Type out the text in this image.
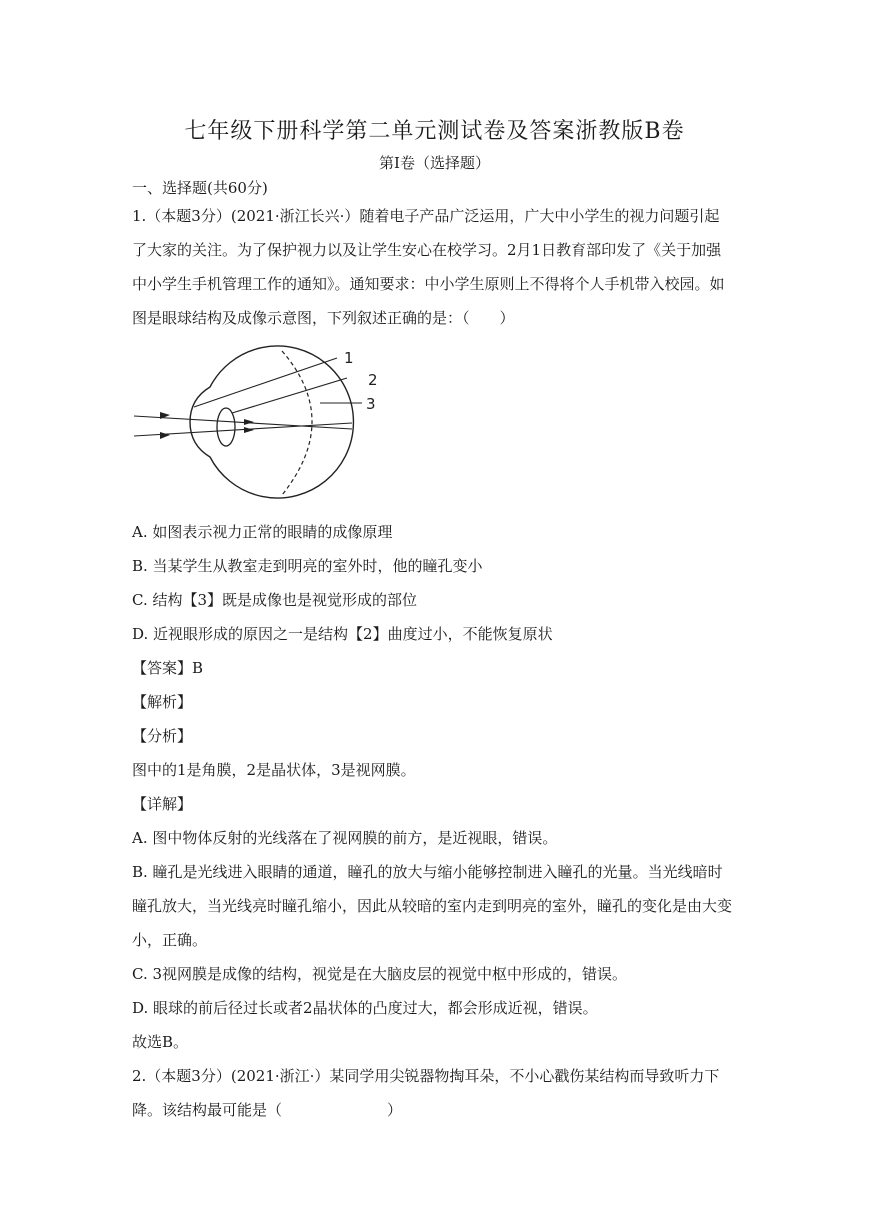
七年级下册科学第二单元测试卷及答案浙教版B卷
第Ⅰ卷（选择题）
一、选择题(共60分)
1.（本题3分）(2021·浙江长兴·）随着电子产品广泛运用，广大中小学生的视力问题引起
了大家的关注。为了保护视力以及让学生安心在校学习。2月1日教育部印发了《关于加强
中小学生手机管理工作的通知》。通知要求：中小学生原则上不得将个人手机带入校园。如
图是眼球结构及成像示意图，下列叙述正确的是：（　　）
1
2
3
A. 如图表示视力正常的眼睛的成像原理
B. 当某学生从教室走到明亮的室外时，他的瞳孔变小
C. 结构【3】既是成像也是视觉形成的部位
D. 近视眼形成的原因之一是结构【2】曲度过小，不能恢复原状
【答案】B
【解析】
【分析】
图中的1是角膜，2是晶状体，3是视网膜。
【详解】
A. 图中物体反射的光线落在了视网膜的前方，是近视眼，错误。
B. 瞳孔是光线进入眼睛的通道，瞳孔的放大与缩小能够控制进入瞳孔的光量。当光线暗时
瞳孔放大，当光线亮时瞳孔缩小，因此从较暗的室内走到明亮的室外，瞳孔的变化是由大变
小，正确。
C. 3视网膜是成像的结构，视觉是在大脑皮层的视觉中枢中形成的，错误。
D. 眼球的前后径过长或者2晶状体的凸度过大，都会形成近视，错误。
故选B。
2.（本题3分）(2021·浙江·）某同学用尖锐器物掏耳朵，不小心戳伤某结构而导致听力下
降。该结构最可能是（　　　　　　　）
